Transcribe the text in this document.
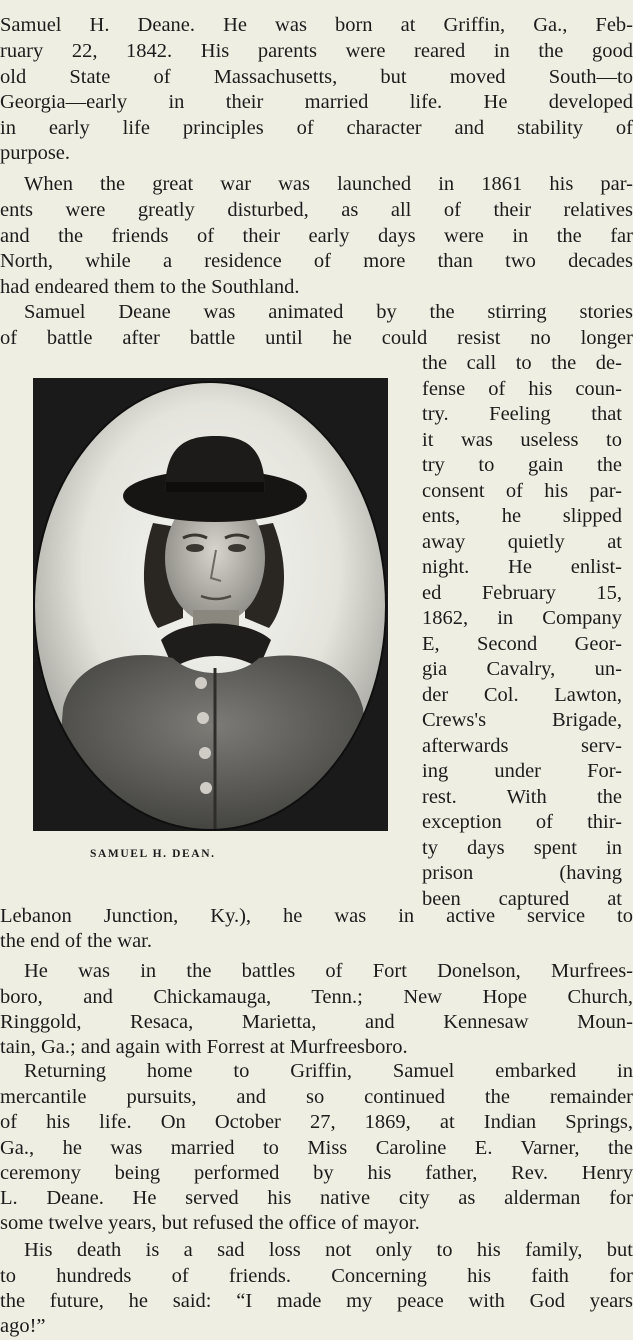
Samuel H. Deane. He was born at Griffin, Ga., Feb-
ruary 22, 1842. His parents were reared in the good
old State of Massachusetts, but moved South—to
Georgia—early in their married life. He developed
in early life principles of character and stability of
purpose.
When the great war was launched in 1861 his par-
ents were greatly disturbed, as all of their relatives
and the friends of their early days were in the far
North, while a residence of more than two decades
had endeared them to the Southland.
Samuel Deane was animated by the stirring stories
of battle after battle until he could resist no longer
SAMUEL H. DEAN.
the call to the de-
fense of his coun-
try. Feeling that
it was useless to
try to gain the
consent of his par-
ents, he slipped
away quietly at
night. He enlist-
ed February 15,
1862, in Company
E, Second Geor-
gia Cavalry, un-
der Col. Lawton,
Crews's Brigade,
afterwards serv-
ing under For-
rest. With the
exception of thir-
ty days spent in
prison (having
been captured at
Lebanon Junction, Ky.), he was in active service to
the end of the war.
He was in the battles of Fort Donelson, Murfrees-
boro, and Chickamauga, Tenn.; New Hope Church,
Ringgold, Resaca, Marietta, and Kennesaw Moun-
tain, Ga.; and again with Forrest at Murfreesboro.
Returning home to Griffin, Samuel embarked in
mercantile pursuits, and so continued the remainder
of his life. On October 27, 1869, at Indian Springs,
Ga., he was married to Miss Caroline E. Varner, the
ceremony being performed by his father, Rev. Henry
L. Deane. He served his native city as alderman for
some twelve years, but refused the office of mayor.
His death is a sad loss not only to his family, but
to hundreds of friends. Concerning his faith for
the future, he said: “I made my peace with God years
ago!”
